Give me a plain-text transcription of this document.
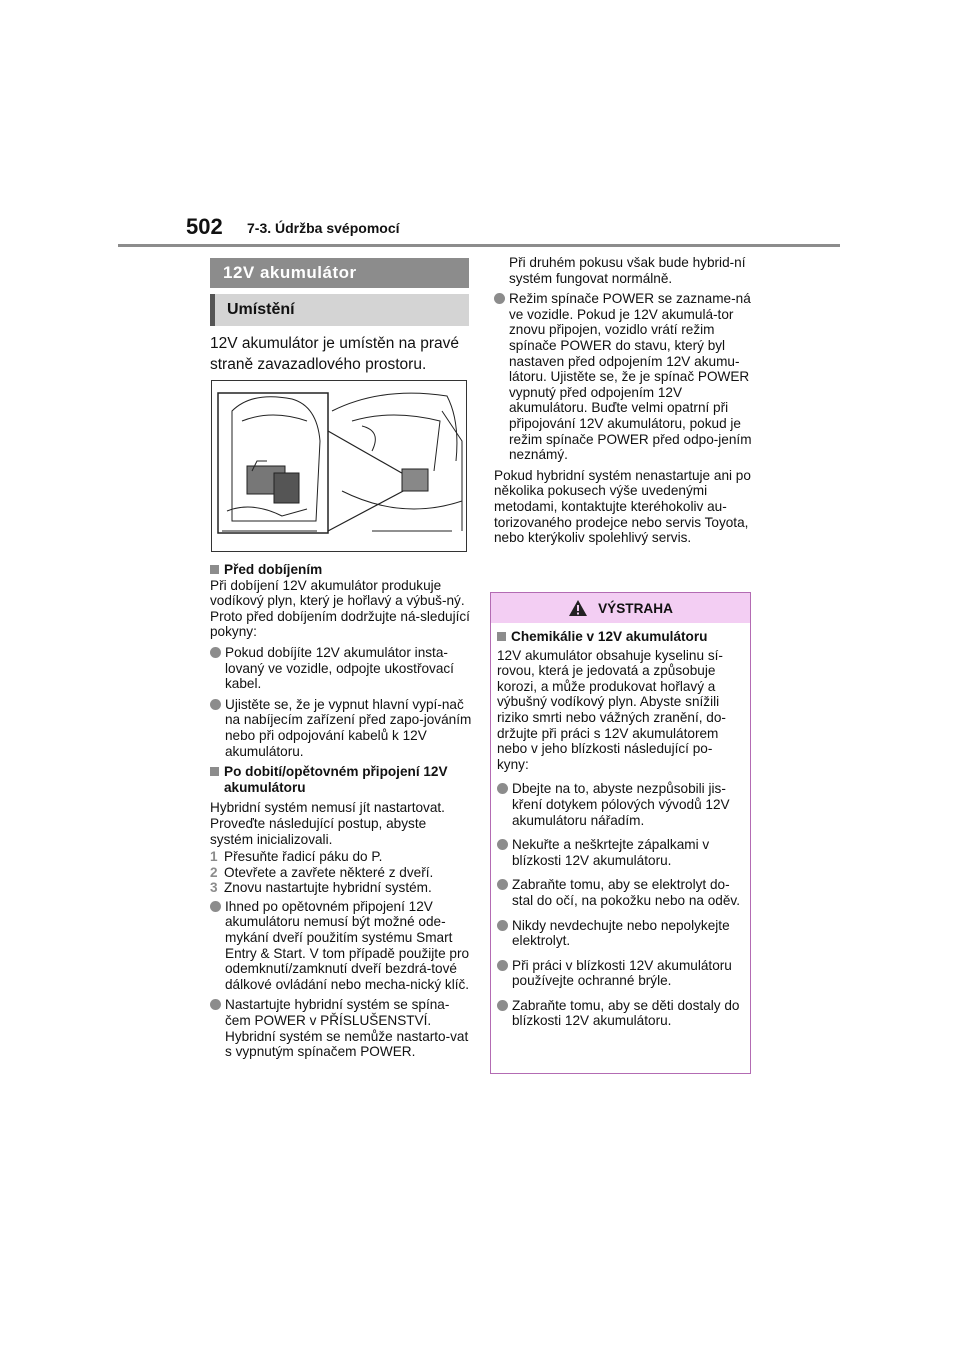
502 7-3. Údržba svépomocí
12V akumulátor
Umístění
12V akumulátor je umístěn na pravé straně zavazadlového prostoru.
Před dobíjením

Při dobíjení 12V akumulátor produkuje vodíkový plyn, který je hořlavý a výbuš-ný. Proto před dobíjením dodržujte ná-sledující pokyny:

Pokud dobíjíte 12V akumulátor insta-lovaný ve vozidle, odpojte ukostřovací kabel.
Ujistěte se, že je vypnut hlavní vypí-nač na nabíjecím zařízení před zapo-jováním nebo při odpojování kabelů k 12V akumulátoru.
Po dobití/opětovném připojení 12V akumulátoru

Hybridní systém nemusí jít nastartovat. Proveďte následující postup, abyste systém inicializovali.

1 Přesuňte řadicí páku do P.
2 Otevřete a zavřete některé z dveří.
3 Znovu nastartujte hybridní systém.
Ihned po opětovném připojení 12V akumulátoru nemusí být možné ode-mykání dveří použitím systému Smart Entry & Start. V tom případě použijte pro odemknutí/zamknutí dveří bezdrá-tové dálkové ovládání nebo mecha-nický klíč.
Nastartujte hybridní systém se spína-čem POWER v PŘÍSLUŠENSTVÍ. Hybridní systém se nemůže nastarto-vat s vypnutým spínačem POWER.

Při druhém pokusu však bude hybrid-ní systém fungovat normálně.

Režim spínače POWER se zazname-ná ve vozidle. Pokud je 12V akumulá-tor znovu připojen, vozidlo vrátí režim spínače POWER do stavu, který byl nastaven před odpojením 12V akumu-látoru. Ujistěte se, že je spínač POWER vypnutý před odpojením 12V akumulátoru. Buďte velmi opatrní při připojování 12V akumulátoru, pokud je režim spínače POWER před odpo-jením neznámý.

Pokud hybridní systém nenastartuje ani po několika pokusech výše uvedenými metodami, kontaktujte kteréhokoliv au-torizovaného prodejce nebo servis Toyota, nebo kterýkoliv spolehlivý servis.

VÝSTRAHA
Chemikálie v 12V akumulátoru

12V akumulátor obsahuje kyselinu sí-rovou, která je jedovatá a způsobuje korozi, a může produkovat hořlavý a výbušný vodíkový plyn. Abyste snížili riziko smrti nebo vážných zranění, do-držujte při práci s 12V akumulátorem nebo v jeho blízkosti následující po-kyny:

Dbejte na to, abyste nezpůsobili jis-kření dotykem pólových vývodů 12V akumulátoru nářadím.
Nekuřte a neškrtejte zápalkami v blízkosti 12V akumulátoru.
Zabraňte tomu, aby se elektrolyt do-stal do očí, na pokožku nebo na oděv.
Nikdy nevdechujte nebo nepolykejte elektrolyt.
Při práci v blízkosti 12V akumulátoru používejte ochranné brýle.
Zabraňte tomu, aby se děti dostaly do blízkosti 12V akumulátoru.
